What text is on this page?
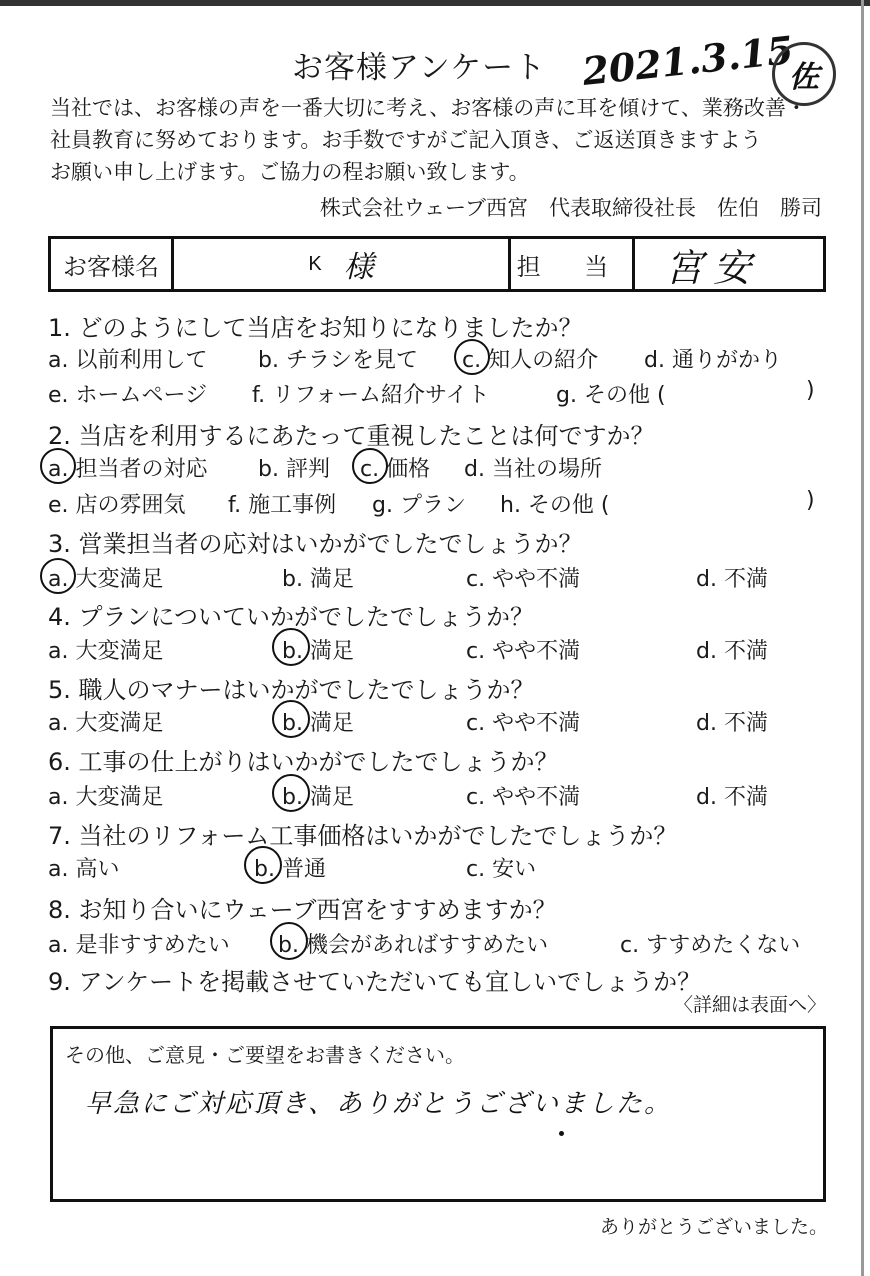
お客様アンケート 2021.3.15
佐
当社では、お客様の声を一番大切に考え、お客様の声に耳を傾けて、業務改善・
社員教育に努めております。お手数ですがご記入頂き、ご返送頂きますよう
お願い申し上げます。ご協力の程お願い致します。
株式会社ウェーブ西宮　代表取締役社長　佐伯　勝司
お客様名	K 様	担 当	宮安
1. どのようにして当店をお知りになりましたか？
a. 以前利用して b. チラシを見て c. 知人の紹介 d. 通りがかり
e. ホームページ f. リフォーム紹介サイト	g. その他 (	)
2. 当店を利用するにあたって重視したことは何ですか？
a. 担当者の対応 b. 評判 c. 価格 d. 当社の場所
e. 店の雰囲気 f. 施工事例 g. プラン h. その他 (	)
3. 営業担当者の応対はいかがでしたでしょうか？
a. 大変満足	b. 満足	c. やや不満	d. 不満
4. プランについていかがでしたでしょうか？
a. 大変満足	b. 満足	c. やや不満	d. 不満
5. 職人のマナーはいかがでしたでしょうか？
a. 大変満足	b. 満足	c. やや不満	d. 不満
6. 工事の仕上がりはいかがでしたでしょうか？
a. 大変満足	b. 満足	c. やや不満	d. 不満
7. 当社のリフォーム工事価格はいかがでしたでしょうか？
a. 高い	b. 普通	c. 安い
8. お知り合いにウェーブ西宮をすすめますか？
a. 是非すすめたい b. 機会があればすすめたい	c. すすめたくない
9. アンケートを掲載させていただいても宜しいでしょうか？
〈詳細は表面へ〉
その他、ご意見・ご要望をお書きください。
早急にご対応頂き、ありがとうございました。
ありがとうございました。
